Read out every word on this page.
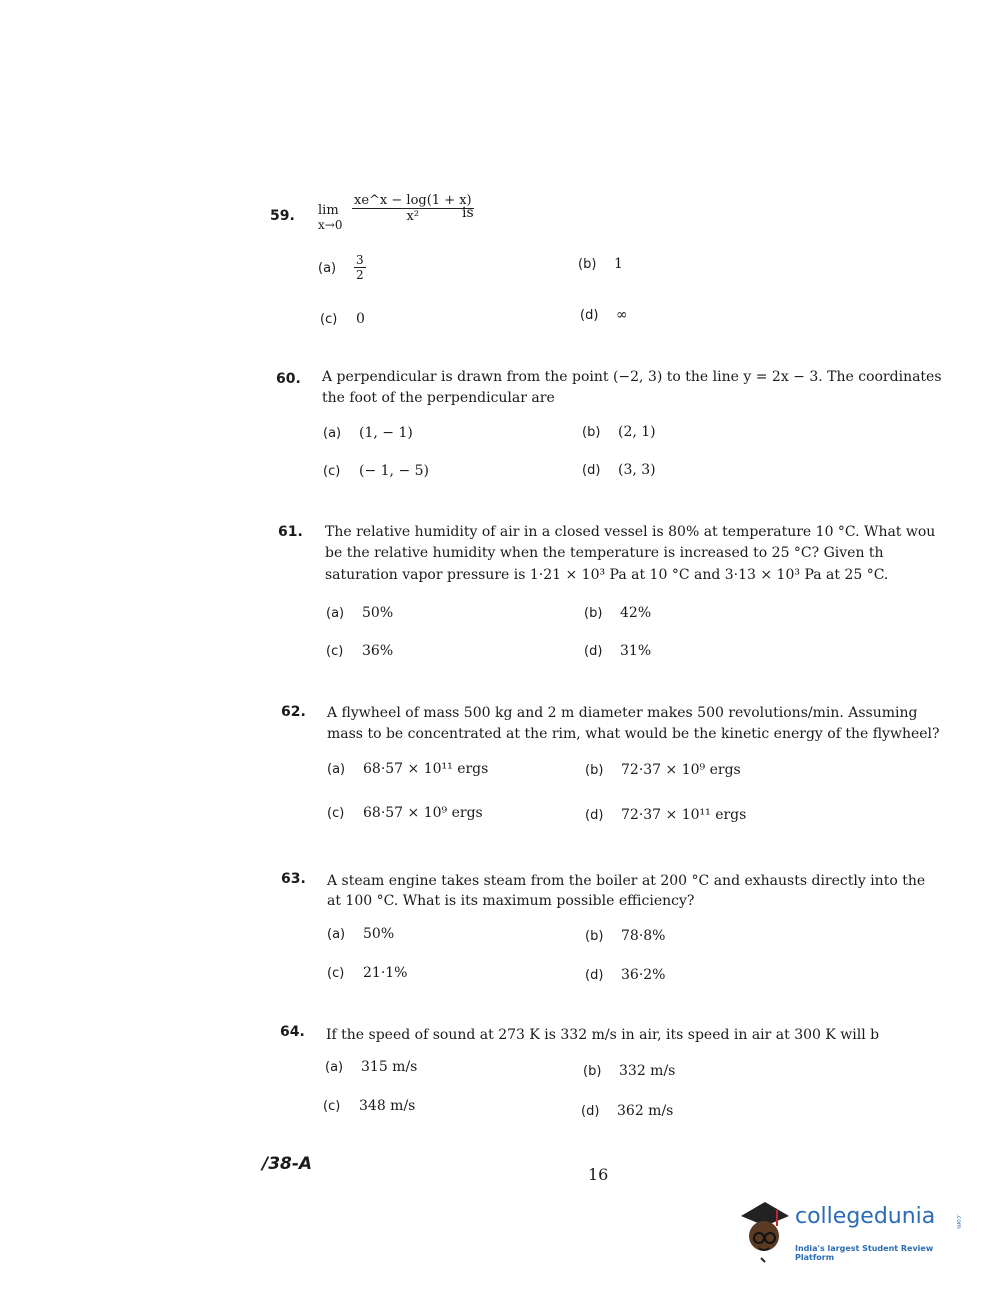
59. lim
x→0
$\frac{xe\^{}x - \log(1 + x)}{\text{x²}}$
is
$(a) \frac{3}{2}$	(b) 1
(c) 0	(d) ∞
60. A perpendicular is drawn from the point (−2, 3) to the line y = 2x − 3. The coordinates
the foot of the perpendicular are
(a) (1, − 1)	(b) (2, 1)
(c) (− 1, − 5)	(d) (3, 3)
61. The relative humidity of air in a closed vessel is 80% at temperature 10 °C. What wou
be the relative humidity when the temperature is increased to 25 °C? Given th
saturation vapor pressure is 1·21 × 10³ Pa at 10 °C and 3·13 × 10³ Pa at 25 °C.
(a) 50%	(b) 42%
(c) 36%	(d) 31%
62. A flywheel of mass 500 kg and 2 m diameter makes 500 revolutions/min. Assuming
mass to be concentrated at the rim, what would be the kinetic energy of the flywheel?
(a) 68·57 × 10¹¹ ergs	(b) 72·37 × 10⁹ ergs
(c) 68·57 × 10⁹ ergs	(d) 72·37 × 10¹¹ ergs
63. A steam engine takes steam from the boiler at 200 °C and exhausts directly into the
at 100 °C. What is its maximum possible efficiency?
(a) 50%	(b) 78·8%
(c) 21·1%	(d) 36·2%
64. If the speed of sound at 273 K is 332 m/s in air, its speed in air at 300 K will b
(a) 315 m/s	(b) 332 m/s
(c) 348 m/s	(d) 362 m/s
/38-A
16
collegedunia	.com
India's largest Student Review Platform
